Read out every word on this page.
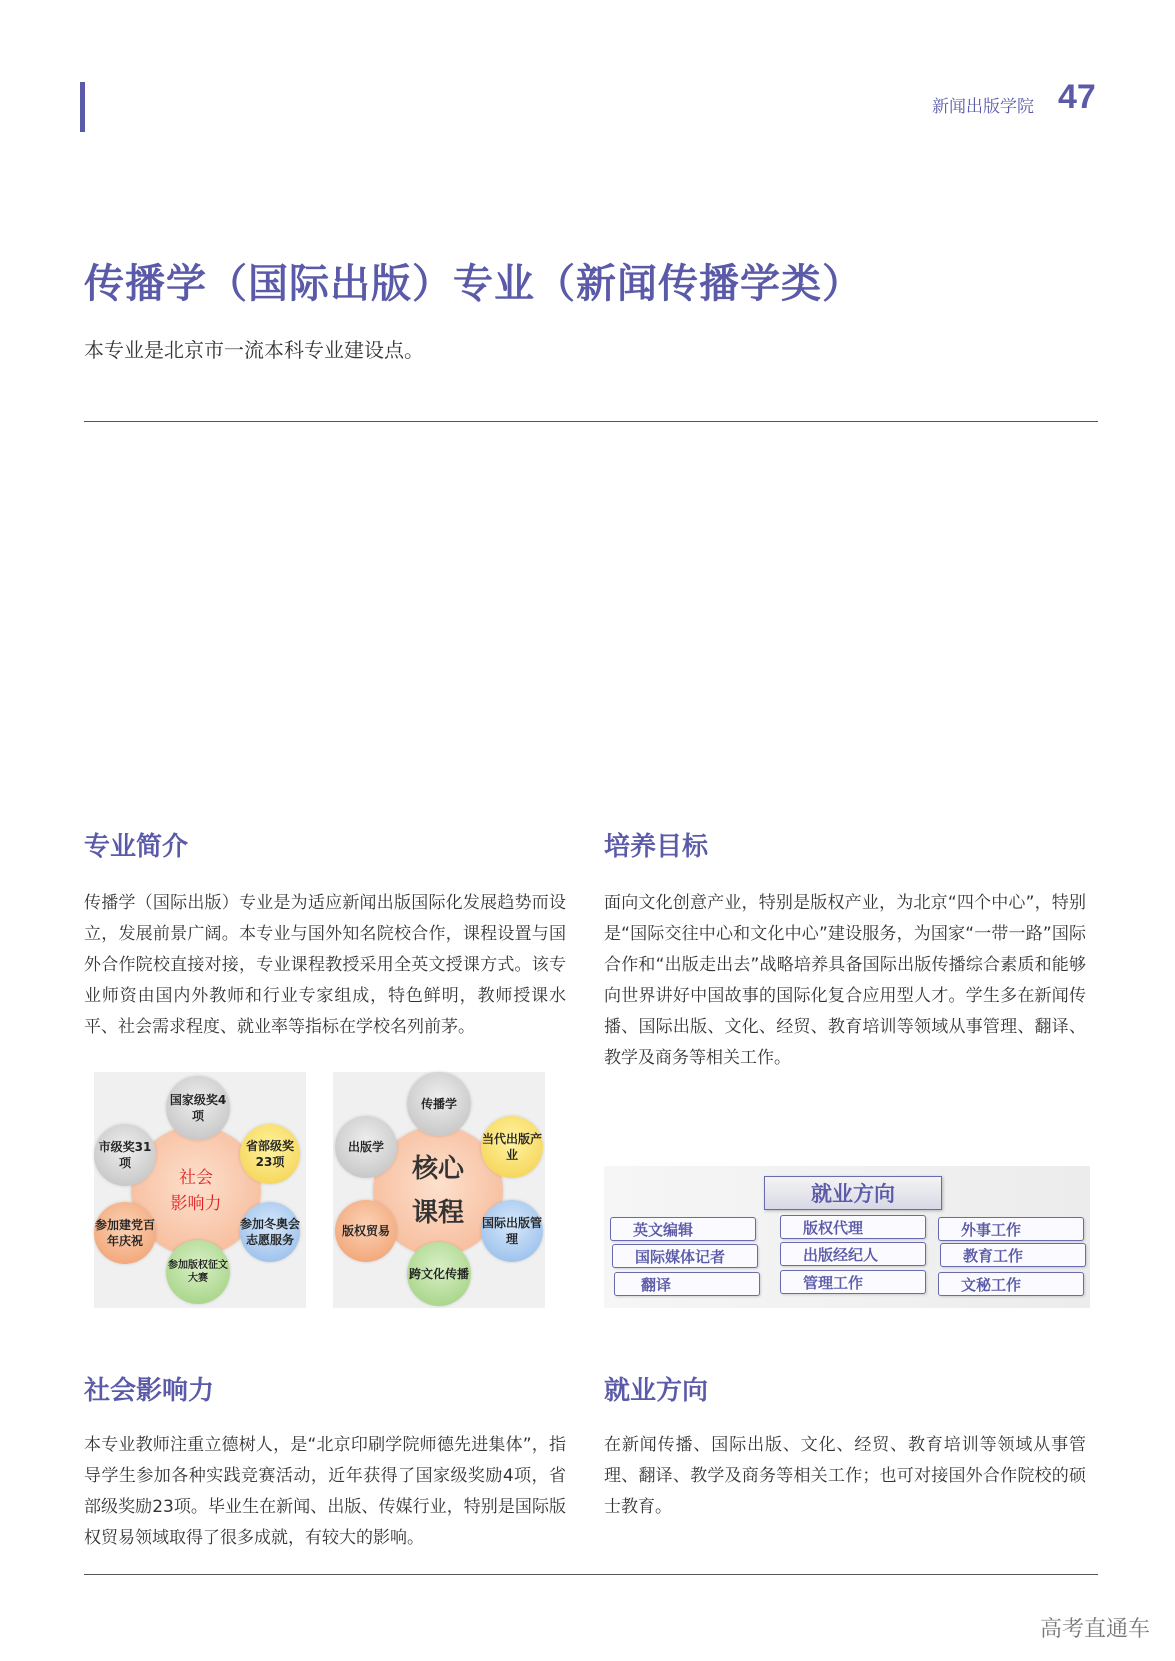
新闻出版学院 47
传播学（国际出版）专业（新闻传播学类）
本专业是北京市一流本科专业建设点。
专业简介
传播学（国际出版）专业是为适应新闻出版国际化发展趋势而设立，发展前景广阔。本专业与国外知名院校合作，课程设置与国外合作院校直接对接，专业课程教授采用全英文授课方式。该专业师资由国内外教师和行业专家组成，特色鲜明，教师授课水平、社会需求程度、就业率等指标在学校名列前茅。
培养目标
面向文化创意产业，特别是版权产业，为北京“四个中心”，特别是“国际交往中心和文化中心”建设服务，为国家“一带一路”国际合作和“出版走出去”战略培养具备国际出版传播综合素质和能够向世界讲好中国故事的国际化复合应用型人才。学生多在新闻传播、国际出版、文化、经贸、教育培训等领域从事管理、翻译、教学及商务等相关工作。
社会
影响力
国家级奖4项
省部级奖23项
参加冬奥会志愿服务
参加版权征文大赛
参加建党百年庆祝
市级奖31项	核心
课程
传播学
当代出版产业
国际出版管理
跨文化传播
版权贸易
出版学
就业方向
英文编辑
国际媒体记者
翻译
版权代理
出版经纪人
管理工作
外事工作
教育工作
文秘工作
社会影响力
本专业教师注重立德树人，是“北京印刷学院师德先进集体”，指导学生参加各种实践竞赛活动，近年获得了国家级奖励4项，省部级奖励23项。毕业生在新闻、出版、传媒行业，特别是国际版权贸易领域取得了很多成就，有较大的影响。
就业方向
在新闻传播、国际出版、文化、经贸、教育培训等领域从事管理、翻译、教学及商务等相关工作；也可对接国外合作院校的硕士教育。
高考直通车
